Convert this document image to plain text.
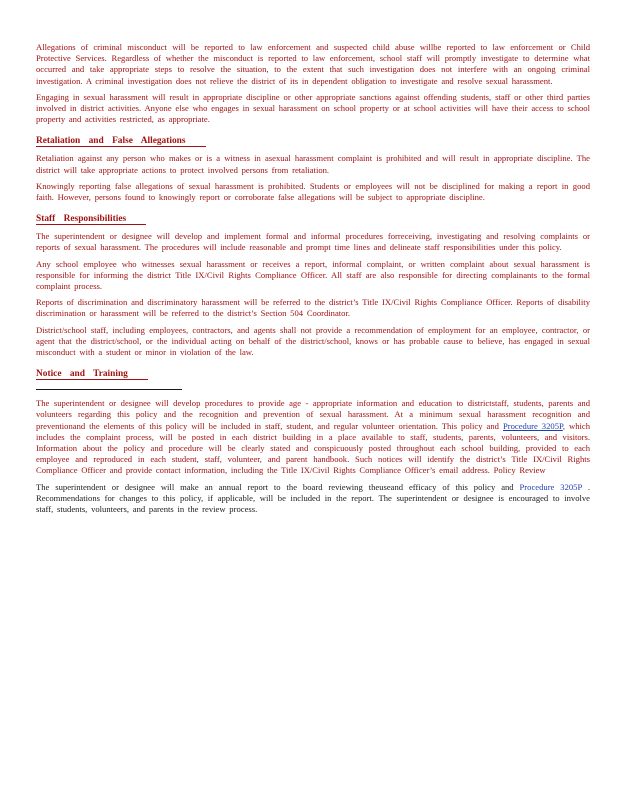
Allegations of criminal misconduct will be reported to law enforcement and suspected child abuse willbe reported to law enforcement or Child Protective Services. Regardless of whether the misconduct is reported to law enforcement, school staff will promptly investigate to determine what occurred and take appropriate steps to resolve the situation, to the extent that such investigation does not interfere with an ongoing criminal investigation. A criminal investigation does not relieve the district of its in dependent obligation to investigate and resolve sexual harassment.

Engaging in sexual harassment will result in appropriate discipline or other appropriate sanctions against offending students, staff or other third parties involved in district activities. Anyone else who engages in sexual harassment on school property or at school activities will have their access to school property and activities restricted, as appropriate.

Retaliation and False Allegations

Retaliation against any person who makes or is a witness in asexual harassment complaint is prohibited and will result in appropriate discipline. The district will take appropriate actions to protect involved persons from retaliation.

Knowingly reporting false allegations of sexual harassment is prohibited. Students or employees will not be disciplined for making a report in good faith. However, persons found to knowingly report or corroborate false allegations will be subject to appropriate discipline.

Staff Responsibilities

The superintendent or designee will develop and implement formal and informal procedures forreceiving, investigating and resolving complaints or reports of sexual harassment. The procedures will include reasonable and prompt time lines and delineate staff responsibilities under this policy.

Any school employee who witnesses sexual harassment or receives a report, informal complaint, or written complaint about sexual harassment is responsible for informing the district Title IX/Civil Rights Compliance Officer. All staff are also responsible for directing complainants to the formal complaint process.

Reports of discrimination and discriminatory harassment will be referred to the district’s Title IX/Civil Rights Compliance Officer. Reports of disability discrimination or harassment will be referred to the district’s Section 504 Coordinator.

District/school staff, including employees, contractors, and agents shall not provide a recommendation of employment for an employee, contractor, or agent that the district/school, or the individual acting on behalf of the district/school, knows or has probable cause to believe, has engaged in sexual misconduct with a student or minor in violation of the law.

Notice and Training

The superintendent or designee will develop procedures to provide age - appropriate information and education to districtstaff, students, parents and volunteers regarding this policy and the recognition and prevention of sexual harassment. At a minimum sexual harassment recognition and preventionand the elements of this policy will be included in staff, student, and regular volunteer orientation. This policy and Procedure 3205P, which includes the complaint process, will be posted in each district building in a place available to staff, students, parents, volunteers, and visitors. Information about the policy and procedure will be clearly stated and conspicuously posted throughout each school building, provided to each employee and reproduced in each student, staff, volunteer, and parent handbook. Such notices will identify the district’s Title IX/Civil Rights Compliance Officer and provide contact information, including the Title IX/Civil Rights Compliance Officer’s email address. Policy Review

The superintendent or designee will make an annual report to the board reviewing theuseand efficacy of this policy and Procedure 3205P . Recommendations for changes to this policy, if applicable, will be included in the report. The superintendent or designee is encouraged to involve staff, students, volunteers, and parents in the review process.
